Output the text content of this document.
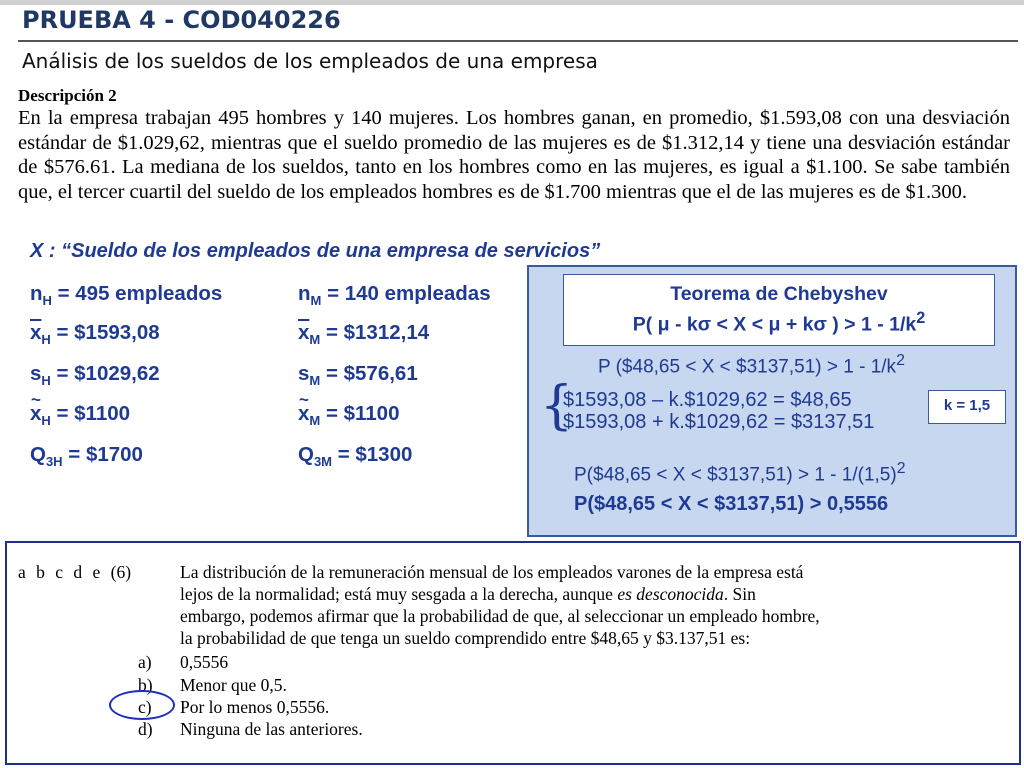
PRUEBA 4 - COD040226
Análisis de los sueldos de los empleados de una empresa
Descripción 2
En la empresa trabajan 495 hombres y 140 mujeres. Los hombres ganan, en promedio, $1.593,08 con una desviación estándar de $1.029,62, mientras que el sueldo promedio de las mujeres es de $1.312,14 y tiene una desviación estándar de $576.61. La mediana de los sueldos, tanto en los hombres como en las mujeres, es igual a $1.100. Se sabe también que, el tercer cuartil del sueldo de los empleados hombres es de $1.700 mientras que el de las mujeres es de $1.300.
X : “Sueldo de los empleados de una empresa de servicios”
$n_H = 495$ empleados
$\overline{x}_H$ = $1593,08
$s_H$ = $1029,62
~ $x_H$ = $1100
$Q_{3H}$ = $1700
$n_M = 140$ empleadas
$\overline{x}_M$ = $1312,14
$s_M$ = $576,61
~ $x_M$ = $1100
$Q_{3M}$ = $1300
Teorema de Chebyshev
P( μ - kσ < X < μ + kσ ) > $1 - 1/k^2$
P ($48,65 < X < $3137,51) > $1 - 1/k^2$
{
$1593,08 – k.$1029,62 = $48,65
$1593,08 + k.$1029,62 = $3137,51
k = 1,5
P($48,65 < X < $3137,51) > $1 - 1/(1,5)^2$
P($48,65 < X < $3137,51) > 0,5556
a b c d e (6)	La distribución de la remuneración mensual de los empleados varones de la empresa está
lejos de la normalidad; está muy sesgada a la derecha, aunque es desconocida. Sin
embargo, podemos afirmar que la probabilidad de que, al seleccionar un empleado hombre,
la probabilidad de que tenga un sueldo comprendido entre $48,65 y $3.137,51 es:
a) 0,5556
b) Menor que 0,5.
c) Por lo menos 0,5556.
d) Ninguna de las anteriores.
